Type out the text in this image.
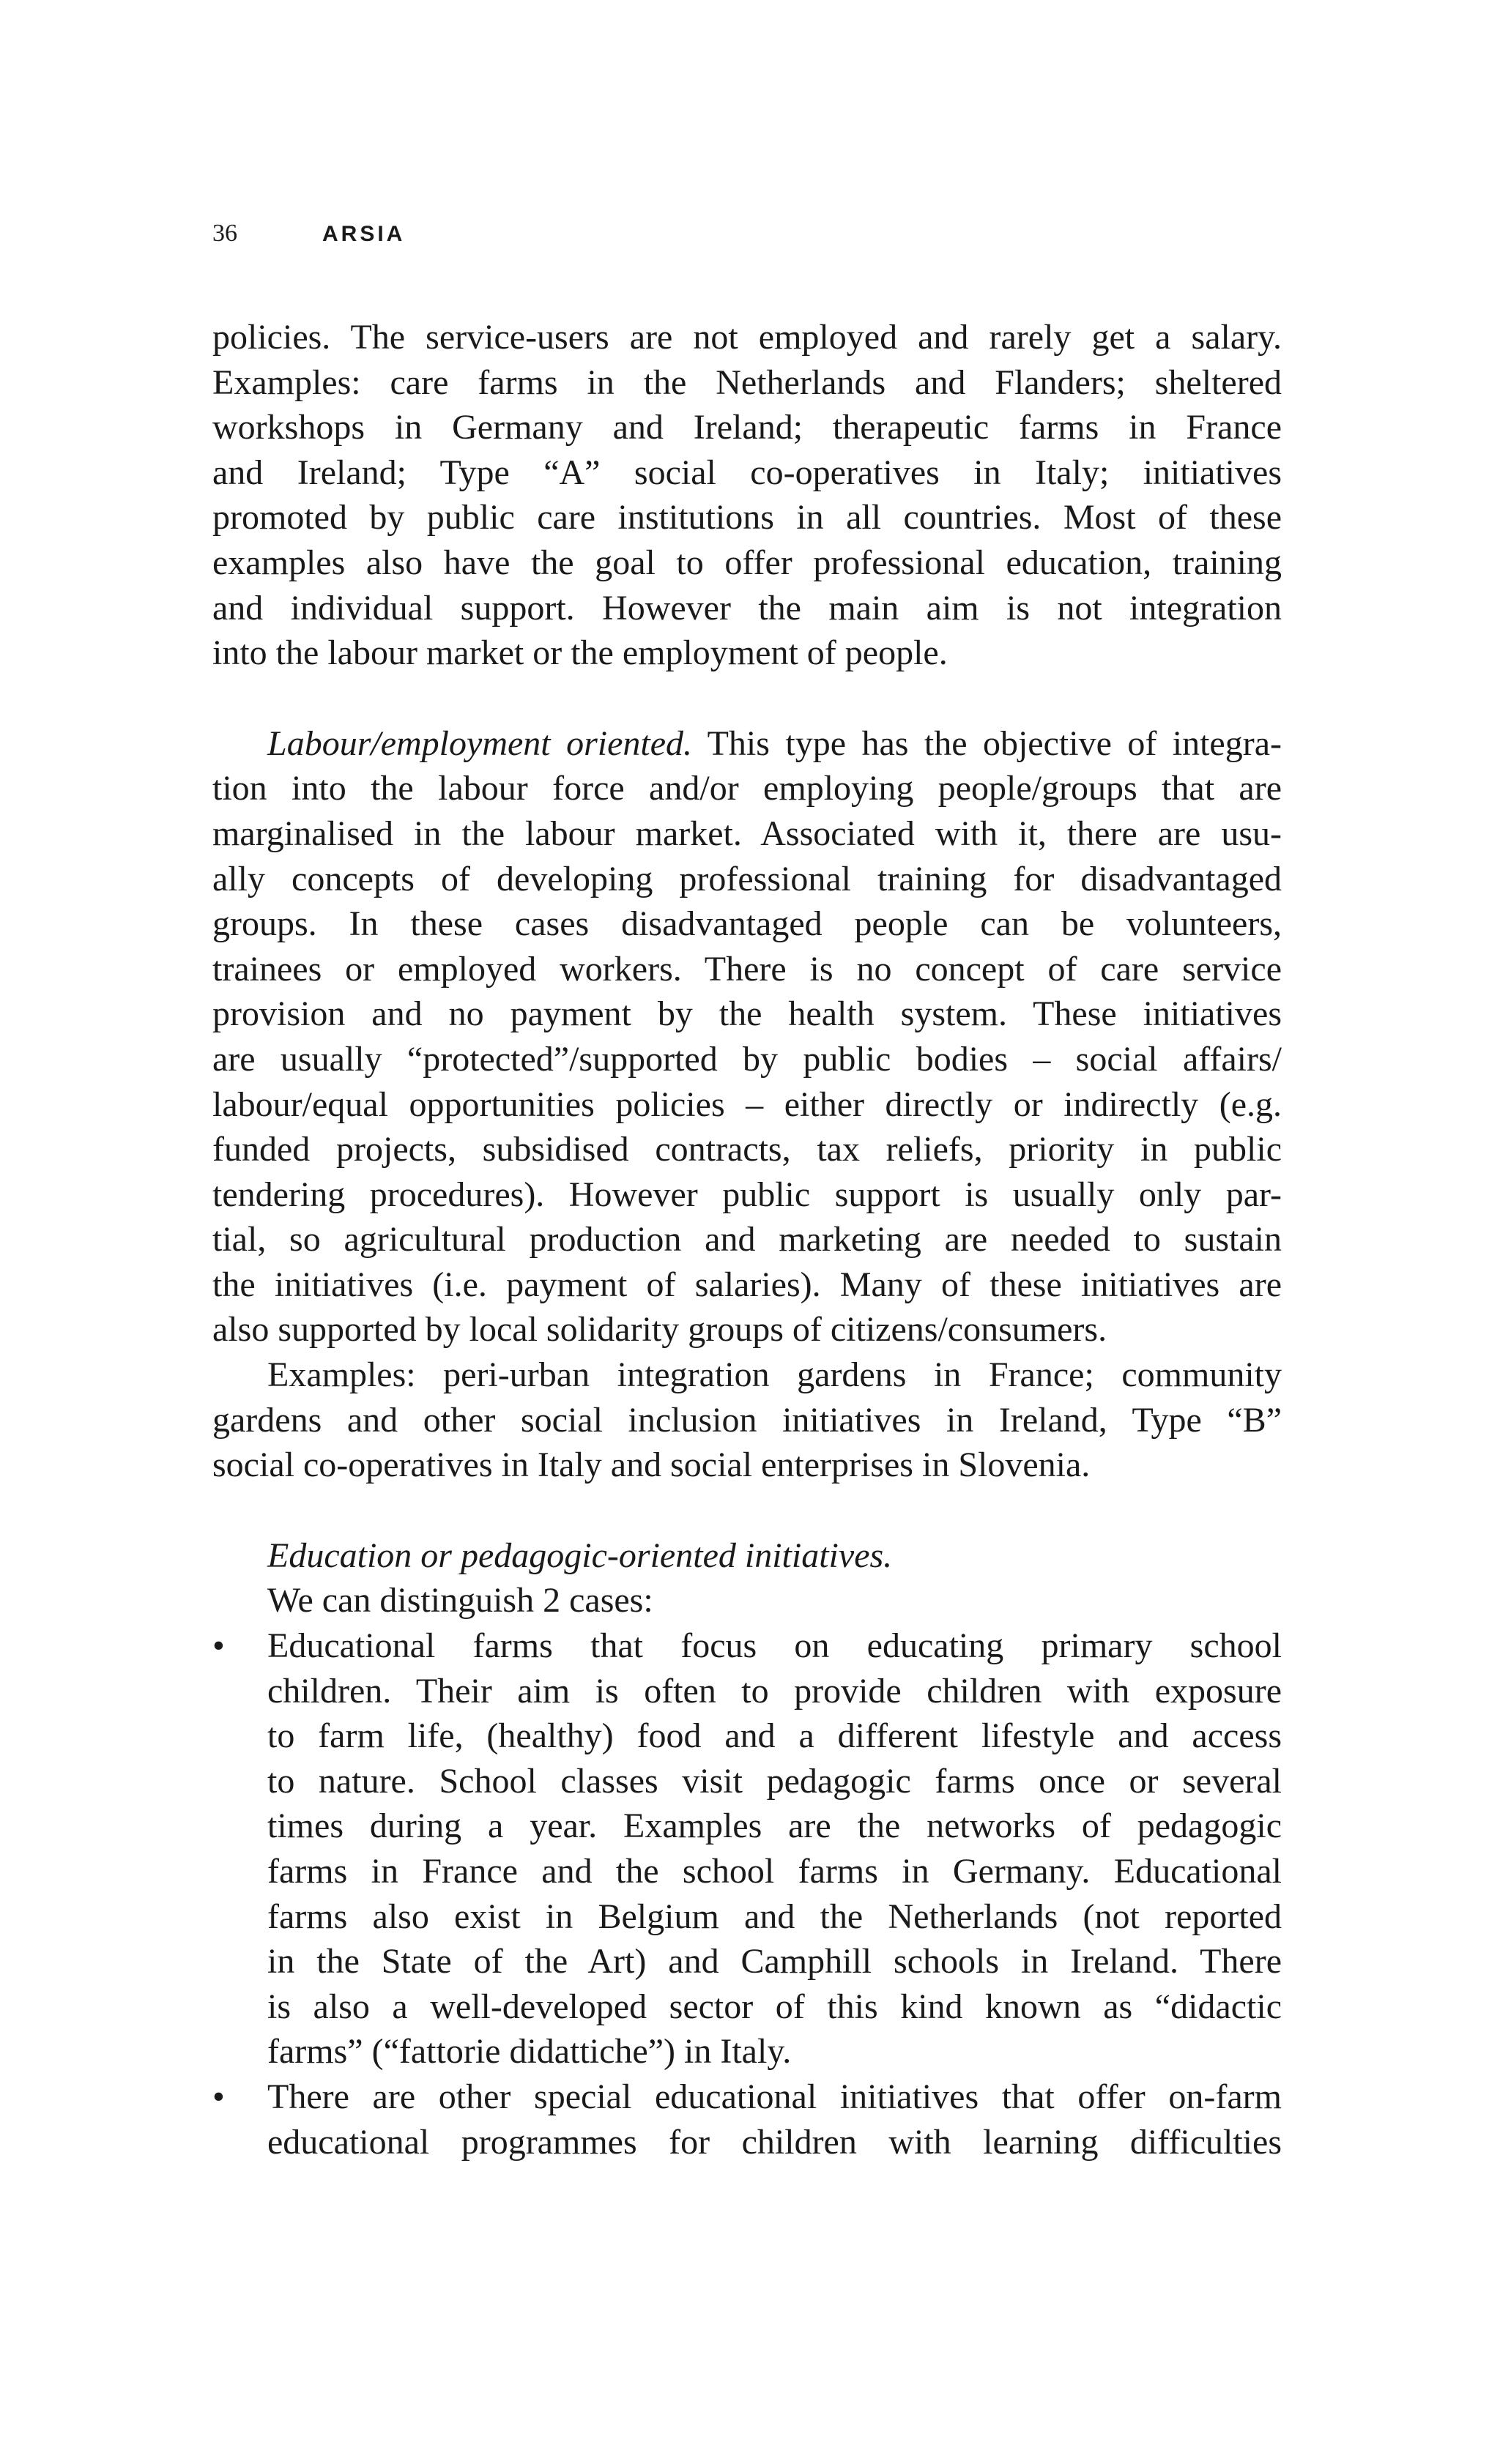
36	ARSIA
policies. The service-users are not employed and rarely get a salary.
Examples: care farms in the Netherlands and Flanders; sheltered
workshops in Germany and Ireland; therapeutic farms in France
and Ireland; Type “A” social co-operatives in Italy; initiatives
promoted by public care institutions in all countries. Most of these
examples also have the goal to offer professional education, training
and individual support. However the main aim is not integration
into the labour market or the employment of people.
Labour/employment oriented. This type has the objective of integra-
tion into the labour force and/or employing people/groups that are
marginalised in the labour market. Associated with it, there are usu-
ally concepts of developing professional training for disadvantaged
groups. In these cases disadvantaged people can be volunteers,
trainees or employed workers. There is no concept of care service
provision and no payment by the health system. These initiatives
are usually “protected”/supported by public bodies – social affairs/
labour/equal opportunities policies – either directly or indirectly (e.g.
funded projects, subsidised contracts, tax reliefs, priority in public
tendering procedures). However public support is usually only par-
tial, so agricultural production and marketing are needed to sustain
the initiatives (i.e. payment of salaries). Many of these initiatives are
also supported by local solidarity groups of citizens/consumers.
Examples: peri-urban integration gardens in France; community
gardens and other social inclusion initiatives in Ireland, Type “B”
social co-operatives in Italy and social enterprises in Slovenia.
Education or pedagogic-oriented initiatives.
We can distinguish 2 cases:
•	Educational farms that focus on educating primary school
children. Their aim is often to provide children with exposure
to farm life, (healthy) food and a different lifestyle and access
to nature. School classes visit pedagogic farms once or several
times during a year. Examples are the networks of pedagogic
farms in France and the school farms in Germany. Educational
farms also exist in Belgium and the Netherlands (not reported
in the State of the Art) and Camphill schools in Ireland. There
is also a well-developed sector of this kind known as “didactic
farms” (“fattorie didattiche”) in Italy.
•	There are other special educational initiatives that offer on-farm
educational programmes for children with learning difficulties
